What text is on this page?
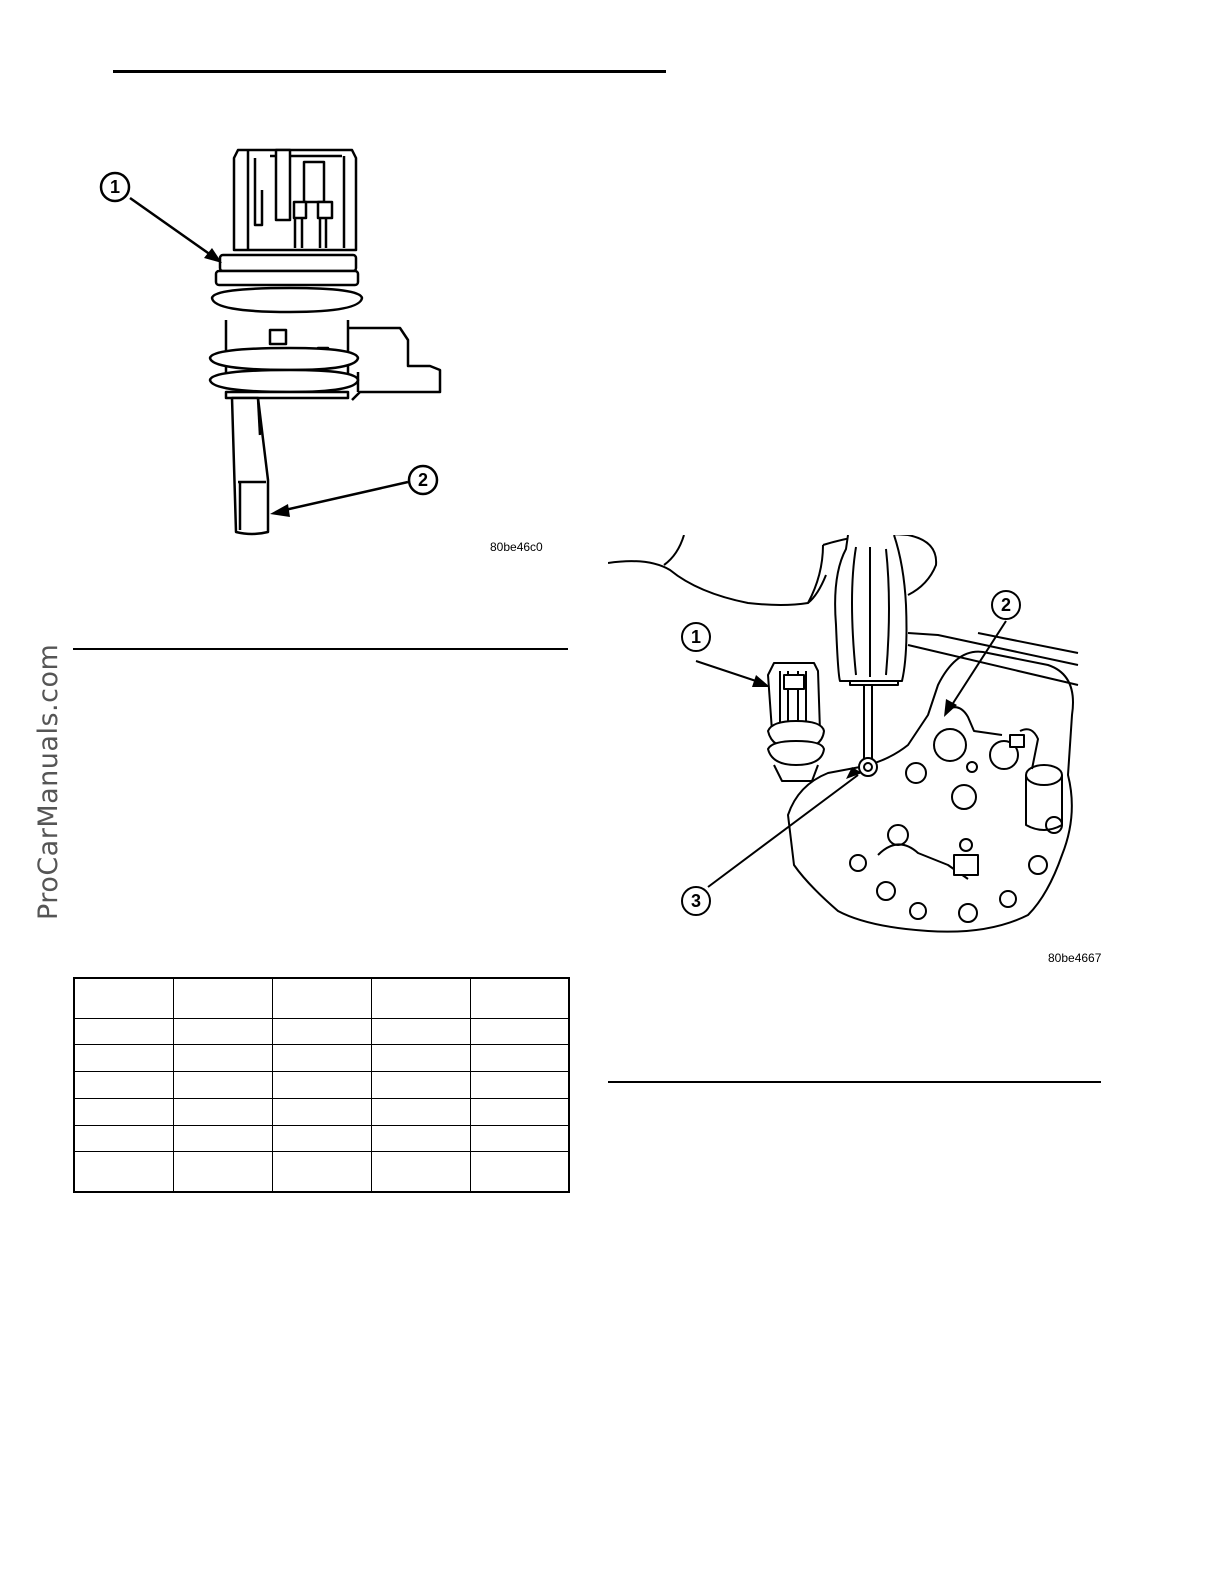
ProCarManuals.com
1
2
80be46c0
1
2
3
80be4667
